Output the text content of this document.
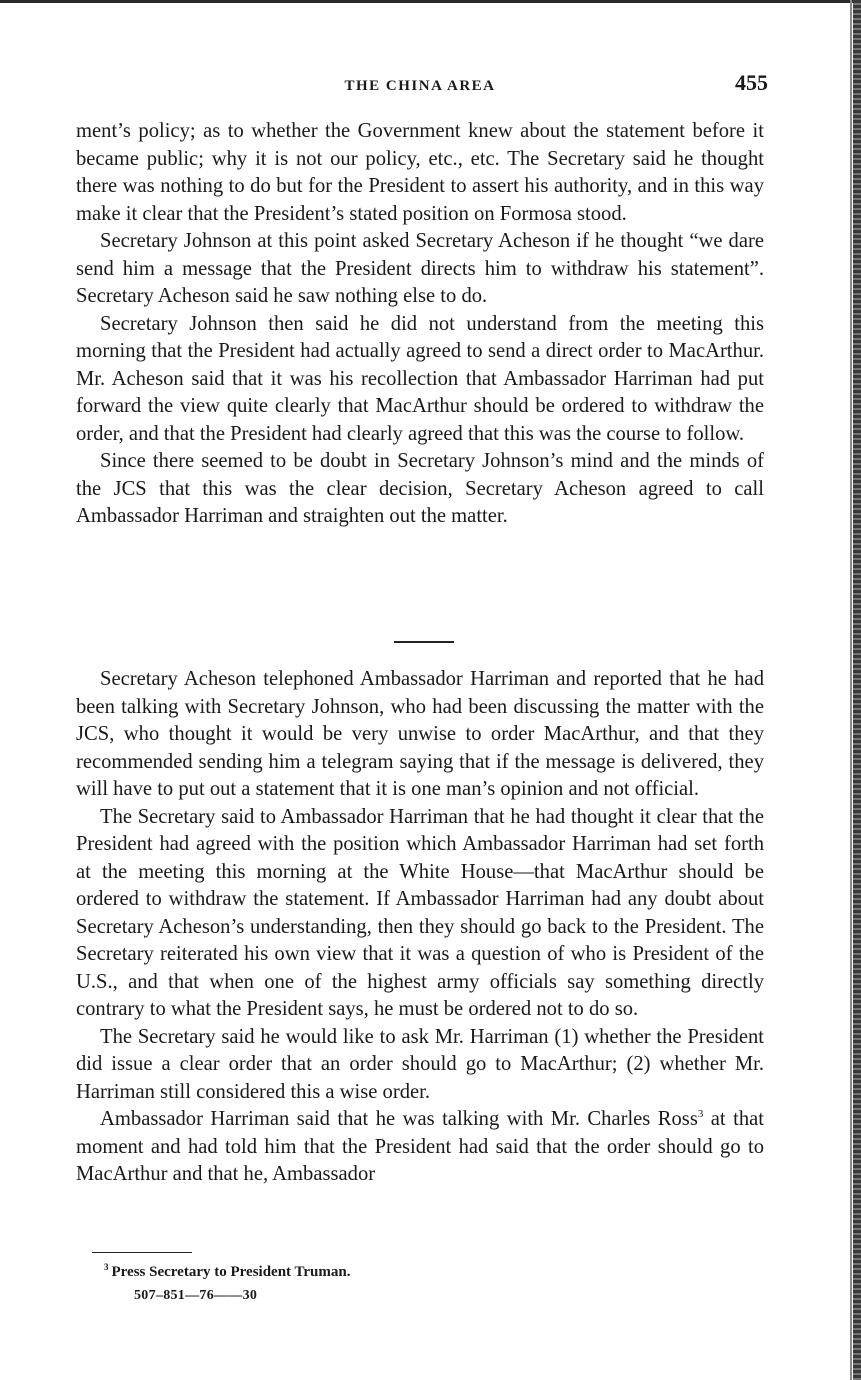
THE CHINA AREA	455

ment’s policy; as to whether the Government knew about the statement before it became public; why it is not our policy, etc., etc. The Secretary said he thought there was nothing to do but for the President to assert his authority, and in this way make it clear that the President’s stated position on Formosa stood.

Secretary Johnson at this point asked Secretary Acheson if he thought “we dare send him a message that the President directs him to withdraw his statement”. Secretary Acheson said he saw nothing else to do.

Secretary Johnson then said he did not understand from the meeting this morning that the President had actually agreed to send a direct order to MacArthur. Mr. Acheson said that it was his recollection that Ambassador Harriman had put forward the view quite clearly that MacArthur should be ordered to withdraw the order, and that the President had clearly agreed that this was the course to follow.

Since there seemed to be doubt in Secretary Johnson’s mind and the minds of the JCS that this was the clear decision, Secretary Acheson agreed to call Ambassador Harriman and straighten out the matter.

Secretary Acheson telephoned Ambassador Harriman and reported that he had been talking with Secretary Johnson, who had been discussing the matter with the JCS, who thought it would be very unwise to order MacArthur, and that they recommended sending him a telegram saying that if the message is delivered, they will have to put out a statement that it is one man’s opinion and not official.

The Secretary said to Ambassador Harriman that he had thought it clear that the President had agreed with the position which Ambassador Harriman had set forth at the meeting this morning at the White House—that MacArthur should be ordered to withdraw the statement. If Ambassador Harriman had any doubt about Secretary Acheson’s understanding, then they should go back to the President. The Secretary reiterated his own view that it was a question of who is President of the U.S., and that when one of the highest army officials say something directly contrary to what the President says, he must be ordered not to do so.

The Secretary said he would like to ask Mr. Harriman (1) whether the President did issue a clear order that an order should go to MacArthur; (2) whether Mr. Harriman still considered this a wise order.

Ambassador Harriman said that he was talking with Mr. Charles Ross$^3$ at that moment and had told him that the President had said that the order should go to MacArthur and that he, Ambassador

$^3$ Press Secretary to President Truman.
507–851—76——30
